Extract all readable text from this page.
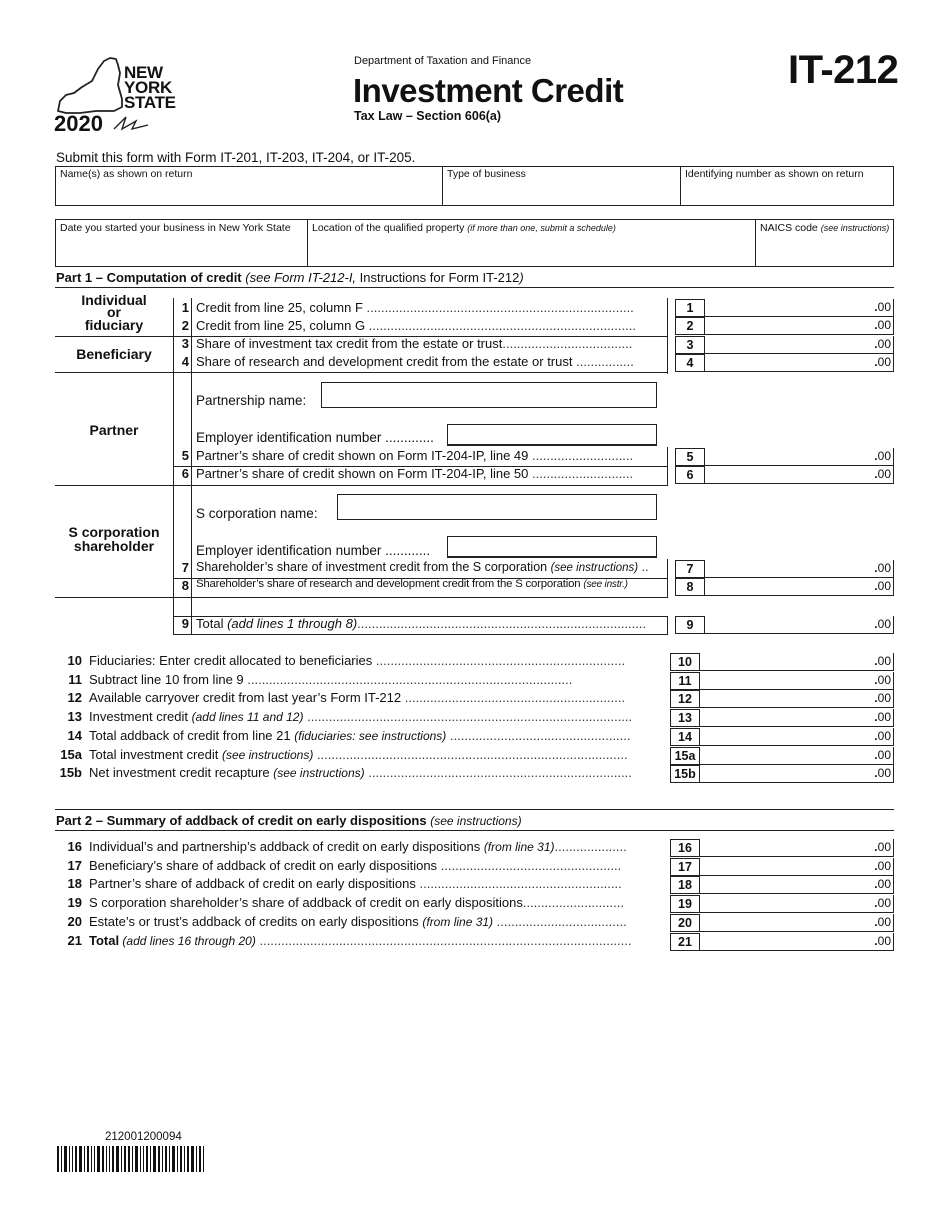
NEW
YORK
STATE
2020
Department of Taxation and Finance
Investment Credit
Tax Law – Section 606(a)
IT-212
Submit this form with Form IT-201, IT-203, IT-204, or IT-205.
Name(s) as shown on return	Type of business	Identifying number as shown on return
Date you started your business in New York State Location of the qualified property (if more than one, submit a schedule)	NAICS code (see instructions)
Part 1 – Computation of credit (see Form IT-212-I, Instructions for Form IT-212)
Individual
or
fiduciary
Beneficiary
Partner
S corporation
shareholder
Partnership name:
Employer identification number .............
S corporation name:
Employer identification number ............
1 Credit from line 25, column F ..........................................................................	1	.00
2 Credit from line 25, column G ..........................................................................	2	.00
3 Share of investment tax credit from the estate or trust....................................	3	.00
4 Share of research and development credit from the estate or trust ................	4	.00
5 Partner’s share of credit shown on Form IT-204-IP, line 49 ............................	5	.00
6 Partner’s share of credit shown on Form IT-204-IP, line 50 ............................	6	.00
7 Shareholder’s share of investment credit from the S corporation (see instructions) ..	7	.00
8 Shareholder’s share of research and development credit from the S corporation (see instr.)	8	.00
9 Total (add lines 1 through 8)................................................................................	9	.00
10 Fiduciaries: Enter credit allocated to beneficiaries .....................................................................	10	.00
11 Subtract line 10 from line 9 ..........................................................................................	11	.00
12 Available carryover credit from last year’s Form IT-212 .............................................................	12	.00
13 Investment credit (add lines 11 and 12) ..........................................................................................	13	.00
14 Total addback of credit from line 21 (fiduciaries: see instructions) ..................................................	14	.00
15a Total investment credit (see instructions) ......................................................................................	15a	.00
15b Net investment credit recapture (see instructions) .........................................................................	15b	.00
Part 2 – Summary of addback of credit on early dispositions (see instructions)
16 Individual’s and partnership’s addback of credit on early dispositions (from line 31)....................	16	.00
17 Beneficiary’s share of addback of credit on early dispositions ..................................................	17	.00
18 Partner’s share of addback of credit on early dispositions ........................................................	18	.00
19 S corporation shareholder’s share of addback of credit on early dispositions............................	19	.00
20 Estate’s or trust’s addback of credits on early dispositions (from line 31) ....................................	20	.00
21 Total (add lines 16 through 20) .......................................................................................................	21	.00
212001200094
